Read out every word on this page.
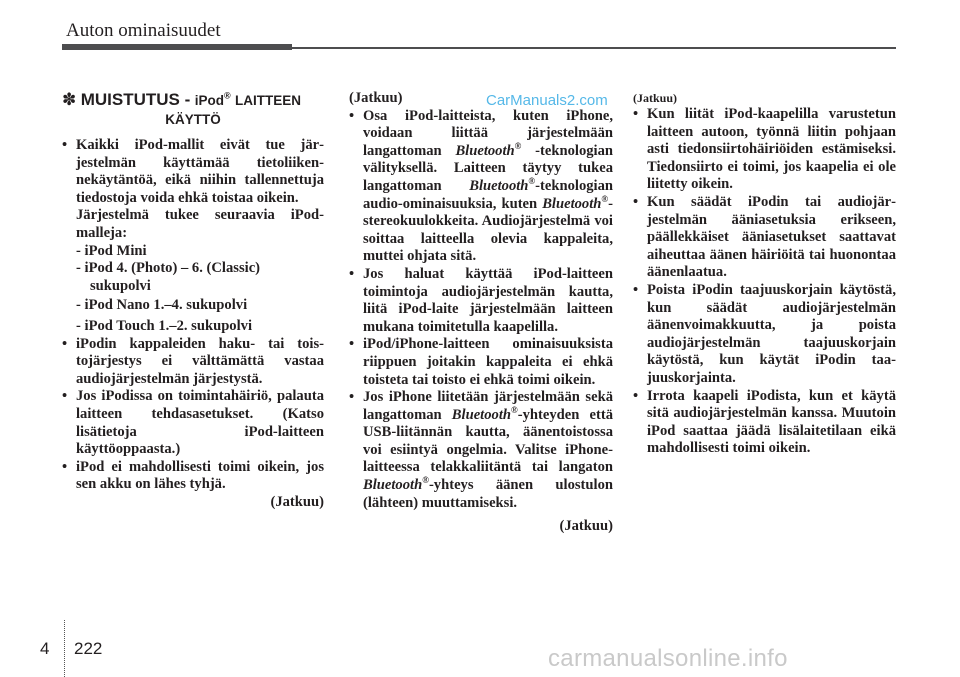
Auton ominaisuudet
CarManuals2.com
✽ MUISTUTUS - iPod® LAITTEEN
KÄYTTÖ
• Kaikki iPod-mallit eivät tue järjestelmän käyttämää tietoliikennekäytäntöä, eikä niihin tallennettuja tiedostoja voida ehkä toistaa oikein.
Järjestelmä tukee seuraavia iPod-malleja:
- iPod Mini
- iPod 4. (Photo) – 6. (Classic) sukupolvi
- iPod Nano 1.–4. sukupolvi
- iPod Touch 1.–2. sukupolvi
• iPodin kappaleiden haku- tai toistojärjestys ei välttämättä vastaa audiojärjestelmän järjestystä.
• Jos iPodissa on toimintahäiriö, palauta laitteen tehdasasetukset. (Katso lisätietoja iPod-laitteen käyttöoppaasta.)
• iPod ei mahdollisesti toimi oikein, jos sen akku on lähes tyhjä.
(Jatkuu)
(Jatkuu)
• Osa iPod-laitteista, kuten iPhone, voidaan liittää järjestelmään langattoman Bluetooth® -teknologian välityksellä. Laitteen täytyy tukea langattoman Bluetooth®-teknologian audio-ominaisuuksia, kuten Bluetooth®-stereokuulokkeita. Audiojärjestelmä voi soittaa laitteella olevia kappaleita, muttei ohjata sitä.
• Jos haluat käyttää iPod-laitteen toimintoja audiojärjestelmän kautta, liitä iPod-laite järjestelmään laitteen mukana toimitetulla kaapelilla.
• iPod/iPhone-laitteen ominaisuuksista riippuen joitakin kappaleita ei ehkä toisteta tai toisto ei ehkä toimi oikein.
• Jos iPhone liitetään järjestelmään sekä langattoman Bluetooth®-yhteyden että USB-liitännän kautta, äänentoistossa voi esiintyä ongelmia. Valitse iPhone-laitteessa telakkaliitäntä tai langaton Bluetooth®-yhteys äänen ulostulon (lähteen) muuttamiseksi.
(Jatkuu)
(Jatkuu)
• Kun liität iPod-kaapelilla varustetun laitteen autoon, työnnä liitin pohjaan asti tiedonsiirtohäiriöiden estämiseksi. Tiedonsiirto ei toimi, jos kaapelia ei ole liitetty oikein.
• Kun säädät iPodin tai audiojärjestelmän ääniasetuksia erikseen, päällekkäiset ääniasetukset saattavat aiheuttaa äänen häiriöitä tai huonontaa äänenlaatua.
• Poista iPodin taajuuskorjain käytöstä, kun säädät audiojärjestelmän äänenvoimakkuutta, ja poista audiojärjestelmän taajuuskorjain käytöstä, kun käytät iPodin taajuuskorjainta.
• Irrota kaapeli iPodista, kun et käytä sitä audiojärjestelmän kanssa. Muutoin iPod saattaa jäädä lisälaitetilaan eikä mahdollisesti toimi oikein.
4 222	carmanualsonline.info
